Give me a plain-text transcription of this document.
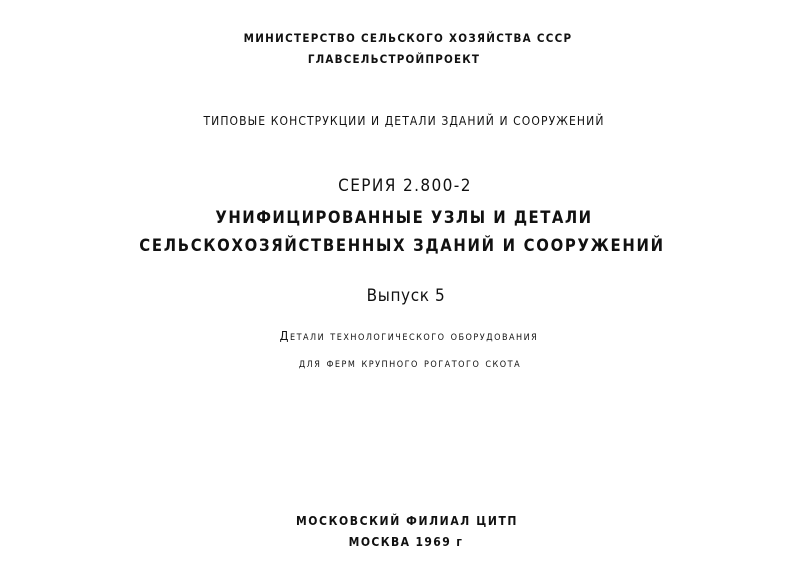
МИНИСТЕРСТВО СЕЛЬСКОГО ХОЗЯЙСТВА СССР
ГЛАВСЕЛЬСТРОЙПРОЕКТ
ТИПОВЫЕ КОНСТРУКЦИИ И ДЕТАЛИ ЗДАНИЙ И СООРУЖЕНИЙ
СЕРИЯ 2.800-2
УНИФИЦИРОВАННЫЕ УЗЛЫ И ДЕТАЛИ
СЕЛЬСКОХОЗЯЙСТВЕННЫХ ЗДАНИЙ И СООРУЖЕНИЙ
Выпуск 5
Детали технологического оборудования
для ферм крупного рогатого скота
МОСКОВСКИЙ ФИЛИАЛ ЦИТП
МОСКВА 1969 г
